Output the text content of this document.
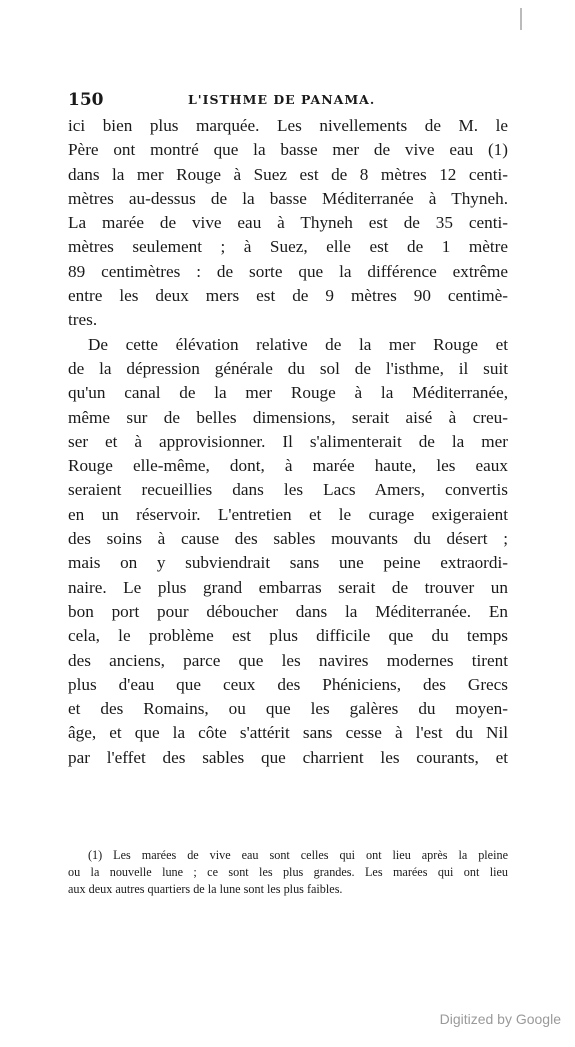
150	L'ISTHME DE PANAMA.
ici bien plus marquée. Les nivellements de M. le
Père ont montré que la basse mer de vive eau (1)
dans la mer Rouge à Suez est de 8 mètres 12 centi-
mètres au-dessus de la basse Méditerranée à Thyneh.
La marée de vive eau à Thyneh est de 35 centi-
mètres seulement ; à Suez, elle est de 1 mètre
89 centimètres : de sorte que la différence extrême
entre les deux mers est de 9 mètres 90 centimè-
tres.
De cette élévation relative de la mer Rouge et
de la dépression générale du sol de l'isthme, il suit
qu'un canal de la mer Rouge à la Méditerranée,
même sur de belles dimensions, serait aisé à creu-
ser et à approvisionner. Il s'alimenterait de la mer
Rouge elle-même, dont, à marée haute, les eaux
seraient recueillies dans les Lacs Amers, convertis
en un réservoir. L'entretien et le curage exigeraient
des soins à cause des sables mouvants du désert ;
mais on y subviendrait sans une peine extraordi-
naire. Le plus grand embarras serait de trouver un
bon port pour déboucher dans la Méditerranée. En
cela, le problème est plus difficile que du temps
des anciens, parce que les navires modernes tirent
plus d'eau que ceux des Phéniciens, des Grecs
et des Romains, ou que les galères du moyen-
âge, et que la côte s'attérit sans cesse à l'est du Nil
par l'effet des sables que charrient les courants, et
(1) Les marées de vive eau sont celles qui ont lieu après la pleine
ou la nouvelle lune ; ce sont les plus grandes. Les marées qui ont lieu
aux deux autres quartiers de la lune sont les plus faibles.
Digitized by Google
